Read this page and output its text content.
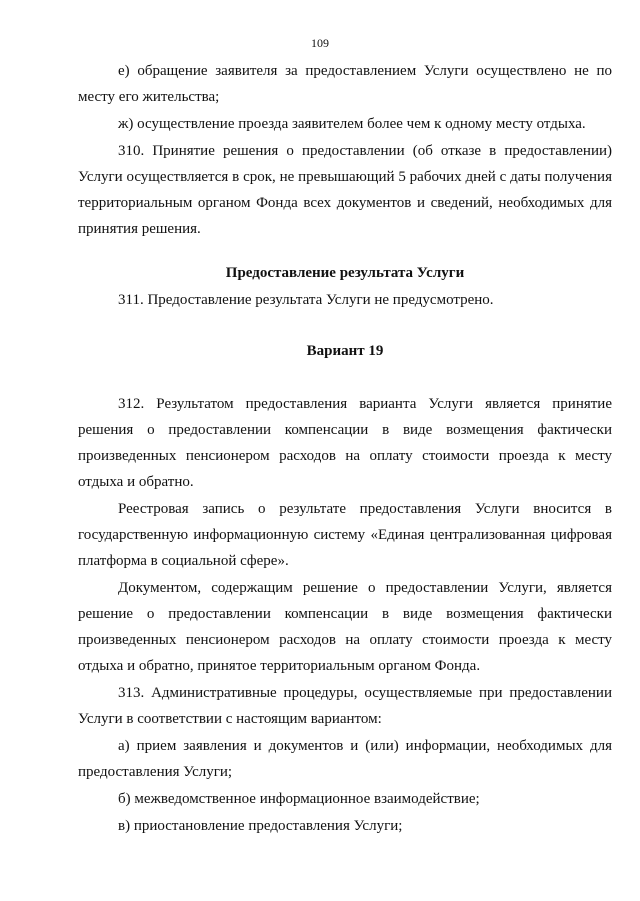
109

е) обращение заявителя за предоставлением Услуги осуществлено не по месту его жительства;

ж) осуществление проезда заявителем более чем к одному месту отдыха.

310. Принятие решения о предоставлении (об отказе в предоставлении) Услуги осуществляется в срок, не превышающий 5 рабочих дней с даты получения территориальным органом Фонда всех документов и сведений, необходимых для принятия решения.

Предоставление результата Услуги

311. Предоставление результата Услуги не предусмотрено.

Вариант 19

312. Результатом предоставления варианта Услуги является принятие решения о предоставлении компенсации в виде возмещения фактически произведенных пенсионером расходов на оплату стоимости проезда к месту отдыха и обратно.

Реестровая запись о результате предоставления Услуги вносится в государственную информационную систему «Единая централизованная цифровая платформа в социальной сфере».

Документом, содержащим решение о предоставлении Услуги, является решение о предоставлении компенсации в виде возмещения фактически произведенных пенсионером расходов на оплату стоимости проезда к месту отдыха и обратно, принятое территориальным органом Фонда.

313. Административные процедуры, осуществляемые при предоставлении Услуги в соответствии с настоящим вариантом:

а) прием заявления и документов и (или) информации, необходимых для предоставления Услуги;

б) межведомственное информационное взаимодействие;

в) приостановление предоставления Услуги;
